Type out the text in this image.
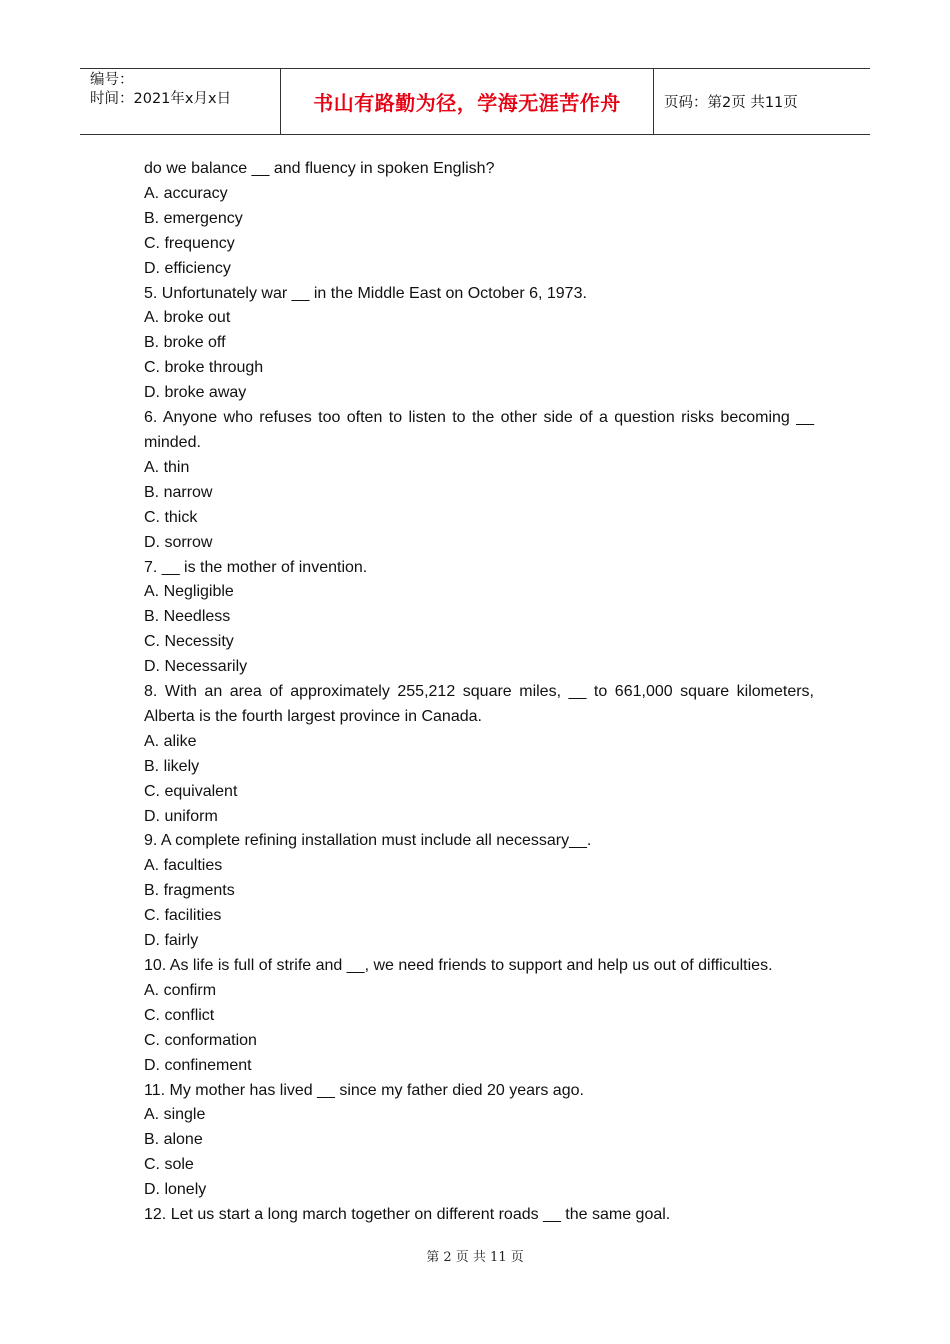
编号：
时间：2021年x月x日	书山有路勤为径，学海无涯苦作舟	页码：第2页 共11页
do we balance __ and fluency in spoken English?
A. accuracy
B. emergency
C. frequency
D. efficiency
5. Unfortunately war __ in the Middle East on October 6, 1973.
A. broke out
B. broke off
C. broke through
D. broke away
6. Anyone who refuses too often to listen to the other side of a question risks becoming __ minded.
A. thin
B. narrow
C. thick
D. sorrow
7. __ is the mother of invention.
A. Negligible
B. Needless
C. Necessity
D. Necessarily
8. With an area of approximately 255,212 square miles, __ to 661,000 square kilometers, Alberta is the fourth largest province in Canada.
A. alike
B. likely
C. equivalent
D. uniform
9. A complete refining installation must include all necessary__.
A. faculties
B. fragments
C. facilities
D. fairly
10. As life is full of strife and __, we need friends to support and help us out of difficulties.
A. confirm
C. conflict
C. conformation
D. confinement
11. My mother has lived __ since my father died 20 years ago.
A. single
B. alone
C. sole
D. lonely
12. Let us start a long march together on different roads __ the same goal.
第 2 页 共 11 页
